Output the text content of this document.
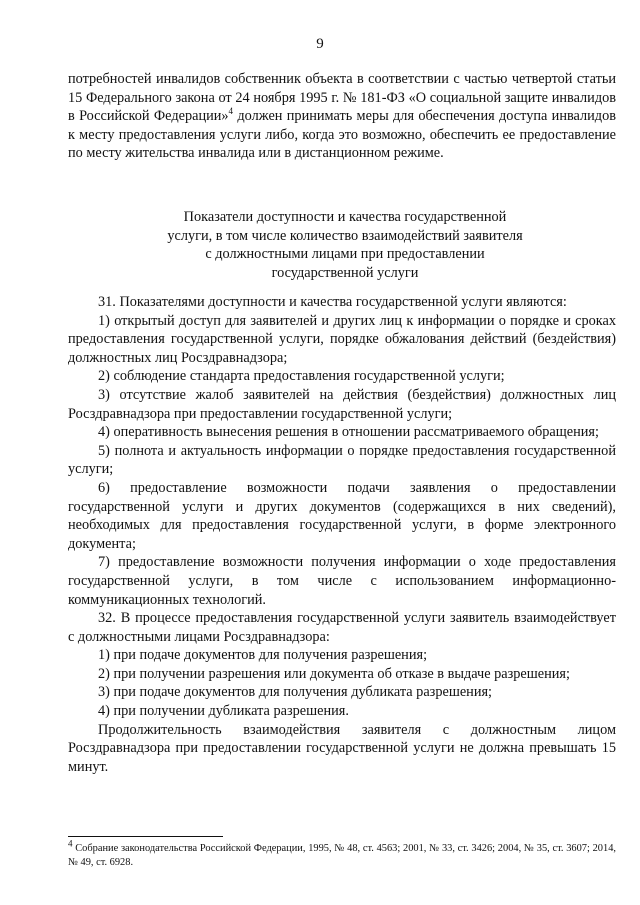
9

потребностей инвалидов собственник объекта в соответствии с частью четвертой статьи 15 Федерального закона от 24 ноября 1995 г. № 181-ФЗ «О социальной защите инвалидов в Российской Федерации»$^4$ должен принимать меры для обеспечения доступа инвалидов к месту предоставления услуги либо, когда это возможно, обеспечить ее предоставление по месту жительства инвалида или в дистанционном режиме.

Показатели доступности и качества государственной
услуги, в том числе количество взаимодействий заявителя
с должностными лицами при предоставлении
государственной услуги

31. Показателями доступности и качества государственной услуги являются:

1) открытый доступ для заявителей и других лиц к информации о порядке и сроках предоставления государственной услуги, порядке обжалования действий (бездействия) должностных лиц Росздравнадзора;

2) соблюдение стандарта предоставления государственной услуги;

3) отсутствие жалоб заявителей на действия (бездействия) должностных лиц Росздравнадзора при предоставлении государственной услуги;

4) оперативность вынесения решения в отношении рассматриваемого обращения;

5) полнота и актуальность информации о порядке предоставления государственной услуги;

6) предоставление возможности подачи заявления о предоставлении государственной услуги и других документов (содержащихся в них сведений), необходимых для предоставления государственной услуги, в форме электронного документа;

7) предоставление возможности получения информации о ходе предоставления государственной услуги, в том числе с использованием информационно-коммуникационных технологий.

32. В процессе предоставления государственной услуги заявитель взаимодействует с должностными лицами Росздравнадзора:

1) при подаче документов для получения разрешения;

2) при получении разрешения или документа об отказе в выдаче разрешения;

3) при подаче документов для получения дубликата разрешения;

4) при получении дубликата разрешения.

Продолжительность взаимодействия заявителя с должностным лицом Росздравнадзора при предоставлении государственной услуги не должна превышать 15 минут.

$^4$ Собрание законодательства Российской Федерации, 1995, № 48, ст. 4563; 2001, № 33, ст. 3426; 2004, № 35, ст. 3607; 2014, № 49, ст. 6928.
